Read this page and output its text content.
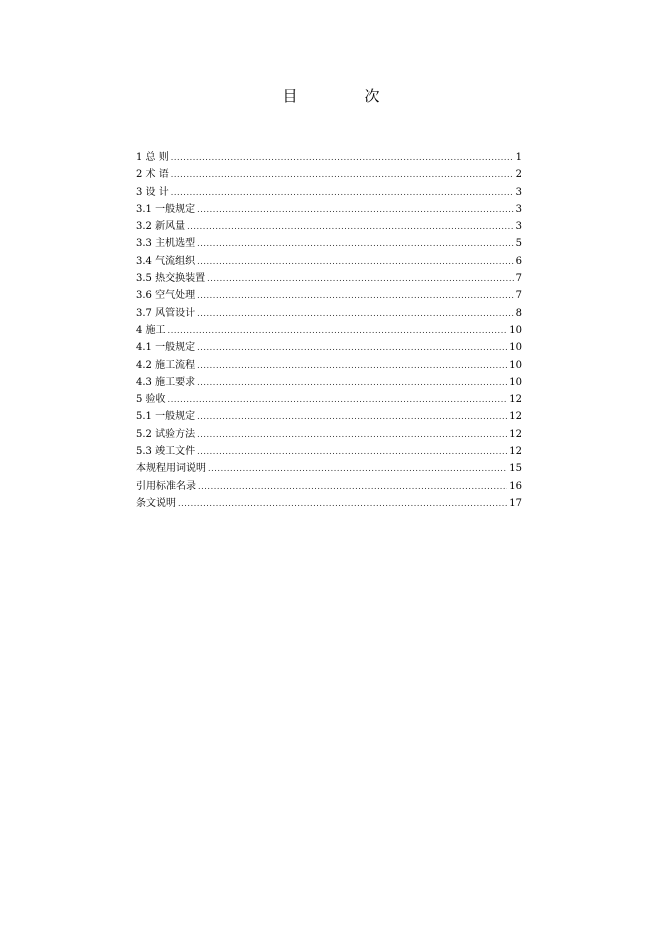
目　次
1 总 则 .....	1
2 术 语 .....	2
3 设 计 .....	3
3.1 一般规定 .....	3
3.2 新风量 .....	3
3.3 主机选型 .....	5
3.4 气流组织 .....	6
3.5 热交换装置 .....	7
3.6 空气处理 .....	7
3.7 风管设计 .....	8
4 施工 .....	10
4.1 一般规定 .....	10
4.2 施工流程 .....	10
4.3 施工要求 .....	10
5 验收 .....	12
5.1 一般规定 .....	12
5.2 试验方法 .....	12
5.3 竣工文件 .....	12
本规程用词说明 .....	15
引用标准名录 .....	16
条文说明 .....	17
